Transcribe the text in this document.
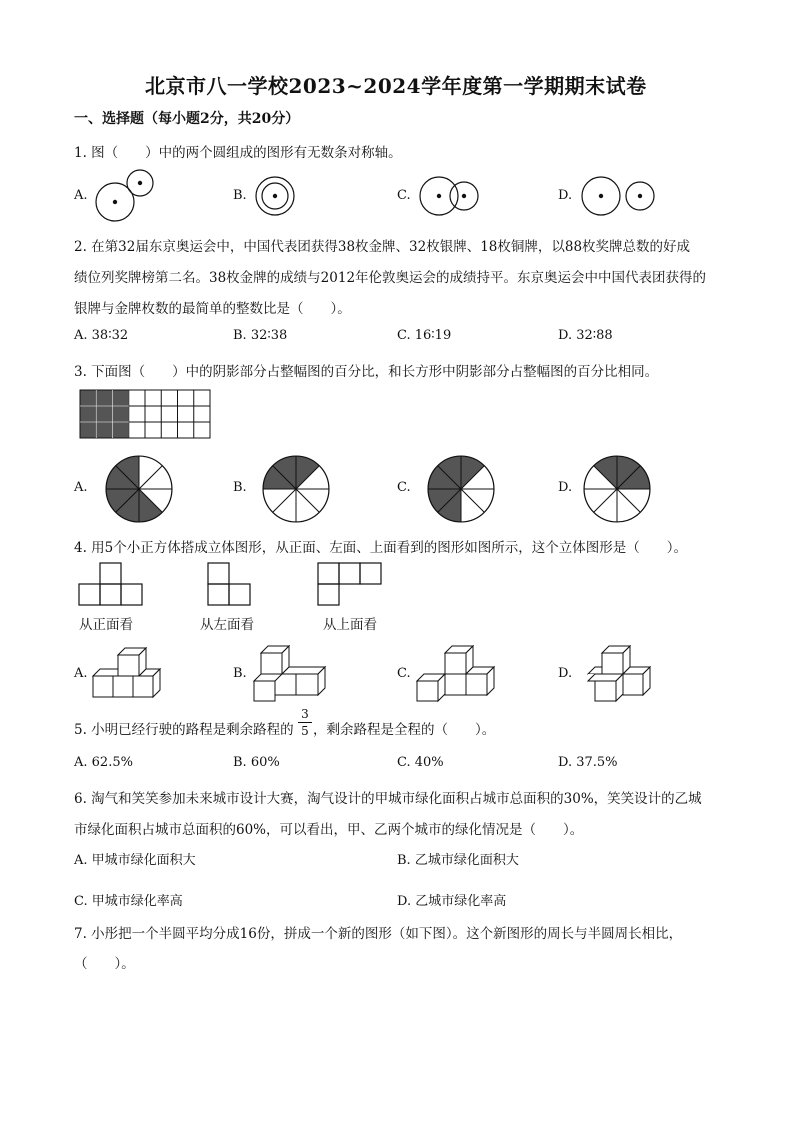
北京市八一学校2023~2024学年度第一学期期末试卷
一、选择题（每小题2分，共20分）
1. 图（　　）中的两个圆组成的图形有无数条对称轴。
A.	B.	C.	D.
2. 在第32届东京奥运会中，中国代表团获得38枚金牌、32枚银牌、18枚铜牌，以88枚奖牌总数的好成
绩位列奖牌榜第二名。38枚金牌的成绩与2012年伦敦奥运会的成绩持平。东京奥运会中中国代表团获得的
银牌与金牌枚数的最简单的整数比是（　　）。
A. 38∶32	B. 32∶38	C. 16∶19	D. 32∶88
3. 下面图（　　）中的阴影部分占整幅图的百分比，和长方形中阴影部分占整幅图的百分比相同。
A.	B.	C.	D.
4. 用5个小正方体搭成立体图形，从正面、左面、上面看到的图形如图所示，这个立体图形是（　　）。
从正面看	从左面看	从上面看
A.	B.	C.	D.
5. 小明已经行驶的路程是剩余路程的
3
5 ，剩余路程是全程的（　　）。
A. 62.5%	B. 60%	C. 40%	D. 37.5%
6. 淘气和笑笑参加未来城市设计大赛，淘气设计的甲城市绿化面积占城市总面积的30%，笑笑设计的乙城
市绿化面积占城市总面积的60%，可以看出，甲、乙两个城市的绿化情况是（　　）。
A. 甲城市绿化面积大	B. 乙城市绿化面积大
C. 甲城市绿化率高	D. 乙城市绿化率高
7. 小彤把一个半圆平均分成16份，拼成一个新的图形（如下图）。这个新图形的周长与半圆周长相比，
（　　）。
